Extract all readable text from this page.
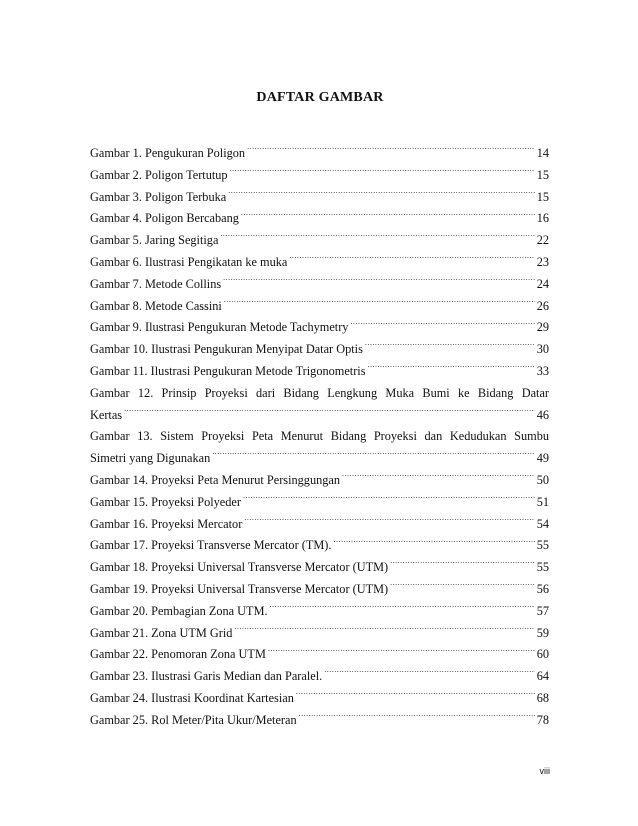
DAFTAR GAMBAR
Gambar 1. Pengukuran Poligon .....	14
Gambar 2. Poligon Tertutup .....	15
Gambar 3. Poligon Terbuka .....	15
Gambar 4. Poligon Bercabang .....	16
Gambar 5. Jaring Segitiga .....	22
Gambar 6. Ilustrasi Pengikatan ke muka .....	23
Gambar 7. Metode Collins .....	24
Gambar 8. Metode Cassini .....	26
Gambar 9. Ilustrasi Pengukuran Metode Tachymetry .....	29
Gambar 10. Ilustrasi Pengukuran Menyipat Datar Optis .....	30
Gambar 11. Ilustrasi Pengukuran Metode Trigonometris .....	33
Gambar 12. Prinsip Proyeksi dari Bidang Lengkung Muka Bumi ke Bidang Datar
Kertas .....	46
Gambar 13. Sistem Proyeksi Peta Menurut Bidang Proyeksi dan Kedudukan Sumbu
Simetri yang Digunakan .....	49
Gambar 14. Proyeksi Peta Menurut Persinggungan .....	50
Gambar 15. Proyeksi Polyeder .....	51
Gambar 16. Proyeksi Mercator .....	54
Gambar 17. Proyeksi Transverse Mercator (TM). .....	55
Gambar 18. Proyeksi Universal Transverse Mercator (UTM) .....	55
Gambar 19. Proyeksi Universal Transverse Mercator (UTM) .....	56
Gambar 20. Pembagian Zona UTM. .....	57
Gambar 21. Zona UTM Grid .....	59
Gambar 22. Penomoran Zona UTM .....	60
Gambar 23. Ilustrasi Garis Median dan Paralel. .....	64
Gambar 24. Ilustrasi Koordinat Kartesian .....	68
Gambar 25. Rol Meter/Pita Ukur/Meteran .....	78
viii
